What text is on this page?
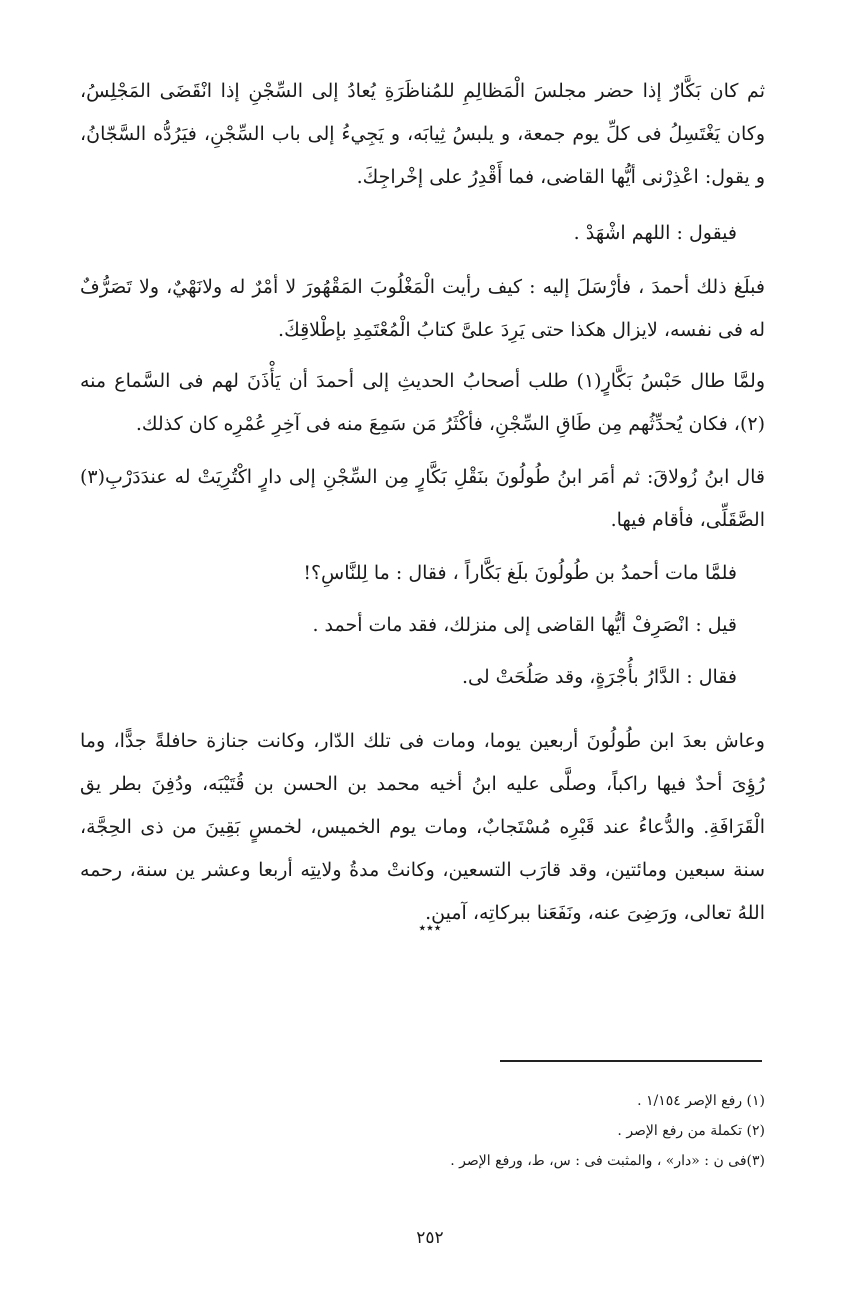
ثم كان بَكَّارٌ إذا حضر مجلسَ الْمَظالِمِ للمُناظَرَةِ يُعادُ إلى السِّجْنِ إذا انْقَضَى المَجْلِسُ، وكان يَغْتَسِلُ فى كلِّ يوم جمعة، و يلبسُ ثِيابَه، و يَجِيءُ إلى باب السِّجْنِ، فيَرُدُّه السَّجّانُ، و يقول: اعْذِرْنى أيُّها القاضى، فما أَقْدِرُ على إخْراجِكَ.

فيقول : اللهم اشْهَدْ .

فبلَغ ذلك أحمدَ ، فأرْسَلَ إليه : كيف رأيت الْمَغْلُوبَ المَقْهُورَ لا أمْرٌ له ولانَهْيٌ، ولا تَصَرُّفٌ له فى نفسه، لايزال هكذا حتى يَرِدَ علىَّ كتابُ الْمُعْتَمِدِ بإطْلاقِكَ.

ولمَّا طال حَبْسُ بَكَّارٍ(١) طلب أصحابُ الحديثِ إلى أحمدَ أن يَأْذَنَ لهم فى السَّماع منه (٢)، فكان يُحدِّثُهم مِن طَاقِ السِّجْنِ، فأكْثَرُ مَن سَمِعَ منه فى آخِرِ عُمْرِه كان كذلك.

قال ابنُ زُولاقَ: ثم أمَر ابنُ طُولُونَ بنَقْلِ بَكَّارٍ مِن السِّجْنِ إلى دارٍ اكْتُرِيَتْ له عندَدَرْبِ(٣) الصَّقَلِّى، فأقام فيها.

فلمَّا مات أحمدُ بن طُولُونَ بلَغ بَكَّاراً ، فقال : ما لِلنَّاسِ؟!

قيل : انْصَرِفْ أيُّها القاضى إلى منزلك، فقد مات أحمد .

فقال : الدَّارُ بأُجْرَةٍ، وقد صَلُحَتْ لى.

وعاش بعدَ ابن طُولُونَ أربعين يوما، ومات فى تلك الدّار، وكانت جنازة حافلةً جدًّا، وما رُؤِىَ أحدٌ فيها راكباً، وصلَّى عليه ابنُ أخيه محمد بن الحسن بن قُتَيْبَه، ودُفِنَ بطر يق الْقَرَافَةِ. والدُّعاءُ عند قَبْرِه مُسْتَجابٌ، ومات يوم الخميس، لخمسٍ بَقِينَ من ذى الحِجَّة، سنة سبعين ومائتين، وقد قارَب التسعين، وكانتْ مدةُ ولايتِه أربعا وعشر ين سنة، رحمه اللهُ تعالى، ورَضِىَ عنه، ونَفَعَنا ببركاتِه، آمين.

٭٭٭

(١) رفع الإصر ١/١٥٤ .

(٢) تكملة من رفع الإصر .

(٣)فى ن : «دار» ، والمثبت فى : س، ط، ورفع الإصر .

٢٥٢
